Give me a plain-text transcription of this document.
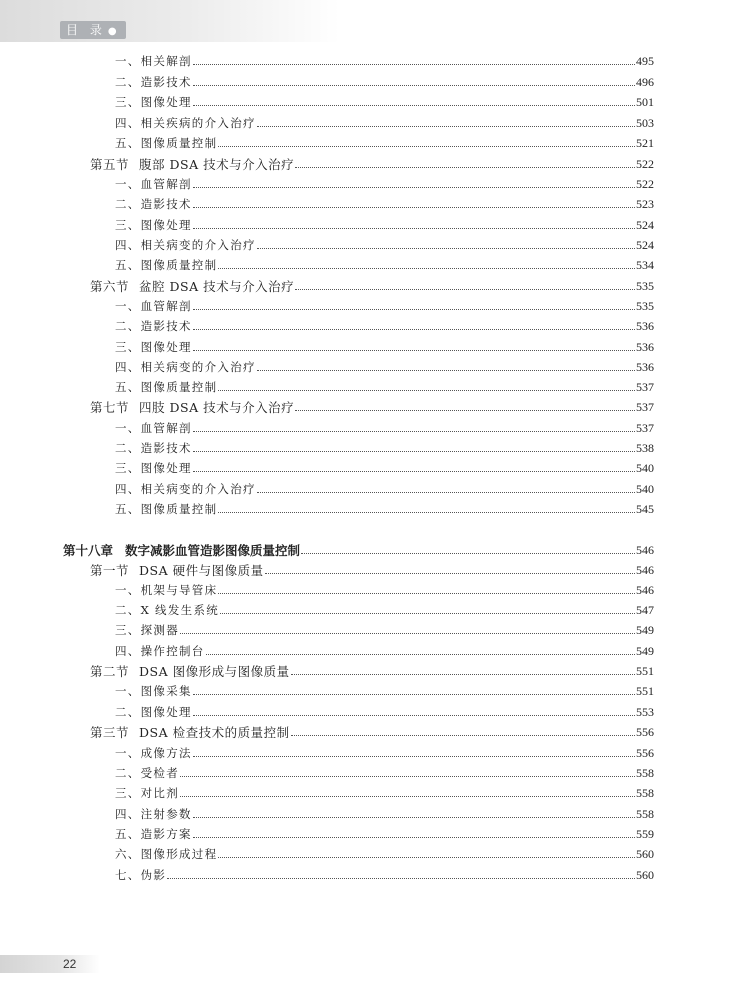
目 录 ●
一、相关解剖	495
二、造影技术	496
三、图像处理	501
四、相关疾病的介入治疗	503
五、图像质量控制	521
第五节 腹部 DSA 技术与介入治疗	522
一、血管解剖	522
二、造影技术	523
三、图像处理	524
四、相关病变的介入治疗	524
五、图像质量控制	534
第六节 盆腔 DSA 技术与介入治疗	535
一、血管解剖	535
二、造影技术	536
三、图像处理	536
四、相关病变的介入治疗	536
五、图像质量控制	537
第七节 四肢 DSA 技术与介入治疗	537
一、血管解剖	537
二、造影技术	538
三、图像处理	540
四、相关病变的介入治疗	540
五、图像质量控制	545
第十八章 数字减影血管造影图像质量控制	546
第一节 DSA 硬件与图像质量	546
一、机架与导管床	546
二、X 线发生系统	547
三、探测器	549
四、操作控制台	549
第二节 DSA 图像形成与图像质量	551
一、图像采集	551
二、图像处理	553
第三节 DSA 检查技术的质量控制	556
一、成像方法	556
二、受检者	558
三、对比剂	558
四、注射参数	558
五、造影方案	559
六、图像形成过程	560
七、伪影	560
22
